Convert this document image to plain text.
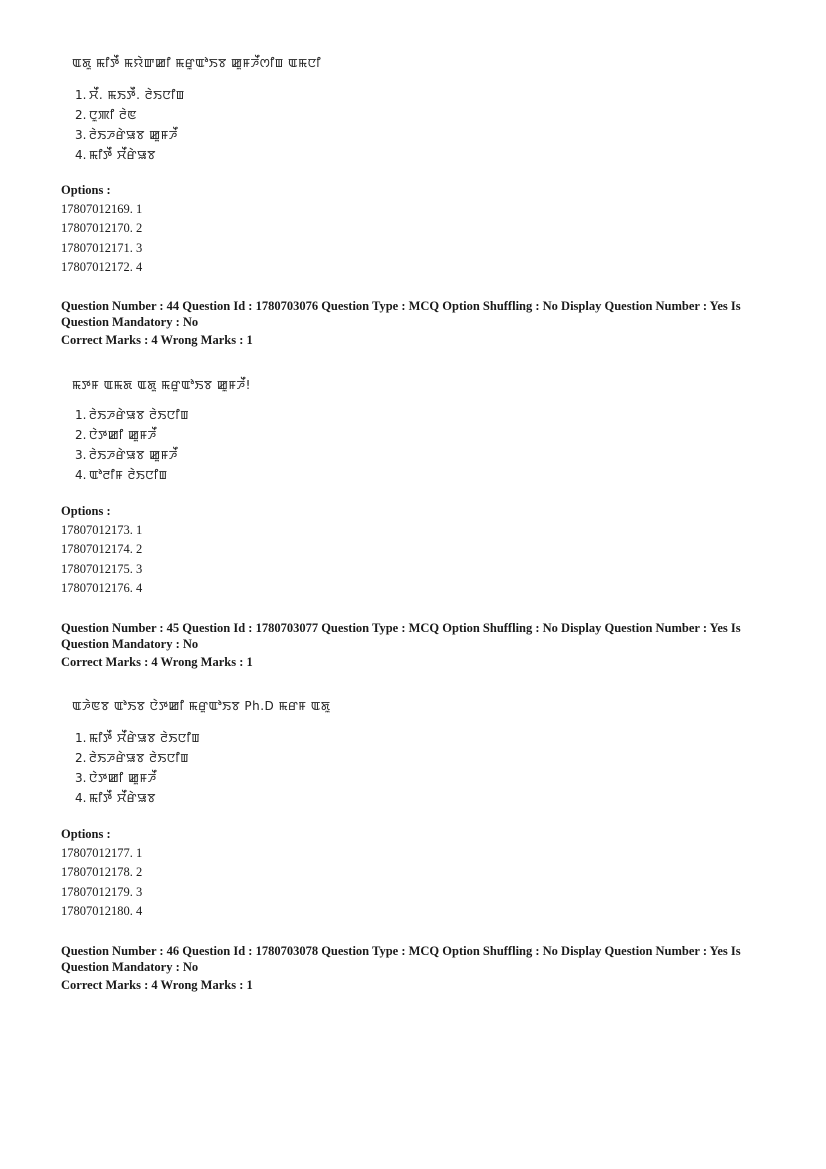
ꯑꯗꯨ ꯃꯤꯇꯩ ꯃꯌꯥꯛꯀꯤ ꯃꯔꯨꯑꯣꯏꯕ ꯀꯨꯝꯍꯩꯁꯤꯡ ꯑꯃꯅꯤ
1. ꯆꯩ. ꯃꯏꯇꯩ. ꯂꯥꯏꯅꯤꯡ
2. ꯅꯨꯄꯤ ꯂꯥꯟ
3. ꯂꯥꯏꯍꯔꯥꯎꯕ ꯀꯨꯝꯍꯩ
4. ꯃꯤꯇꯩ ꯆꯩꯔꯥꯎꯕ
Options :
17807012169. 1
17807012170. 2
17807012171. 3
17807012172. 4
Question Number : 44 Question Id : 1780703076 Question Type : MCQ Option Shuffling : No Display Question Number : Yes Is
Question Mandatory : No
Correct Marks : 4 Wrong Marks : 1
ꯃꯇꯝ ꯑꯃꯗ ꯑꯗꯨ ꯃꯔꯨꯑꯣꯏꯕ ꯀꯨꯝꯍꯩ!
1. ꯂꯥꯏꯍꯔꯥꯎꯕ ꯂꯥꯏꯅꯤꯡ
2. ꯅꯥꯇꯀꯤ ꯀꯨꯝꯍꯩ
3. ꯂꯥꯏꯍꯔꯥꯎꯕ ꯀꯨꯝꯍꯩ
4. ꯑꯣꯂꯤꯝ ꯂꯥꯏꯅꯤꯡ
Options :
17807012173. 1
17807012174. 2
17807012175. 3
17807012176. 4
Question Number : 45 Question Id : 1780703077 Question Type : MCQ Option Shuffling : No Display Question Number : Yes Is
Question Mandatory : No
Correct Marks : 4 Wrong Marks : 1
ꯑꯍꯥꯟꯕ ꯑꯣꯏꯕ ꯅꯥꯇꯀꯤ ꯃꯔꯨꯑꯣꯏꯕ Ph.D ꯃꯔꯝ ꯑꯗꯨ
1. ꯃꯤꯇꯩ ꯆꯩꯔꯥꯎꯕ ꯂꯥꯏꯅꯤꯡ
2. ꯂꯥꯏꯍꯔꯥꯎꯕ ꯂꯥꯏꯅꯤꯡ
3. ꯅꯥꯇꯀꯤ ꯀꯨꯝꯍꯩ
4. ꯃꯤꯇꯩ ꯆꯩꯔꯥꯎꯕ
Options :
17807012177. 1
17807012178. 2
17807012179. 3
17807012180. 4
Question Number : 46 Question Id : 1780703078 Question Type : MCQ Option Shuffling : No Display Question Number : Yes Is
Question Mandatory : No
Correct Marks : 4 Wrong Marks : 1
